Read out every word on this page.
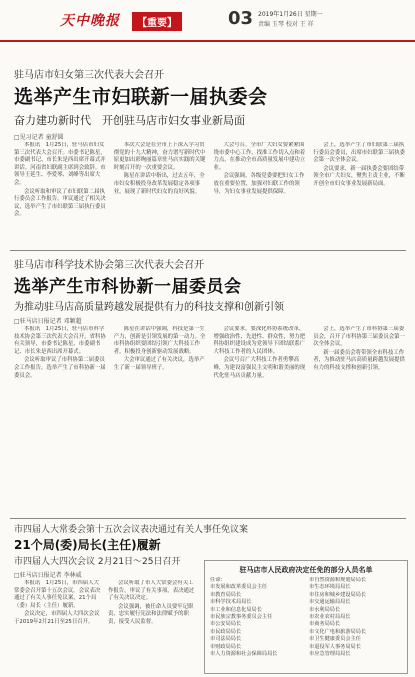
天中晚报	【重要】	03 2019年1月26日 星期一
责编 玉琴 校对 王 祥
驻马店市妇女第三次代表大会召开
选举产生市妇联新一届执委会
奋力建功新时代　开创驻马店市妇女事业新局面
□见习记者 童舒圆

本报讯　1月25日，驻马店市妇女第三次代表大会召开。市委书记陈星，市委副书记、市长朱是西出席开幕式并讲话。河南省妇联副主席到会致辞。市领导王延生、李爱琴、刘峰等出席大会。

会议听取和审议了市妇联第二届执行委员会工作报告，审议通过了相关决议，选举产生了市妇联第三届执行委员会。

本次大会是在全市上下深入学习贯彻党的十九大精神，奋力谱写新时代中原更加出彩绚丽篇章驻马店实践的关键时刻召开的一次重要会议。

陈星在讲话中指出，过去五年，全市妇女积极投身改革发展稳定各项事业，展现了新时代妇女的良好风貌。

大会号召，全市广大妇女要紧紧围绕市委中心工作，找准工作切入点和着力点，在推动全市高质量发展中建功立业。

会议强调，各级党委要把妇女工作放在重要位置，加强对妇联工作的领导，为妇女事业发展提供保障。

会上，选举产生了市妇联第三届执行委员会委员，出席市妇联第三届执委会第一次全体会议。

会议要求，新一届执委会要团结带领全市广大妇女，聚焦主责主业，不断开创全市妇女事业发展新局面。

驻马店市科学技术协会第三次代表大会召开
选举产生市科协新一届委员会
为推动驻马店高质量跨越发展提供有力的科技支撑和创新引领
□驻马店日报记者 邓颖超

本报讯　1月25日，驻马店市科学技术协会第三次代表大会召开。省科协有关领导，市委书记陈星，市委副书记、市长朱是西出席开幕式。

会议听取审议了市科协第二届委员会工作报告，选举产生了市科协新一届委员会。

陈星在讲话中强调，科技是第一生产力，创新是引领发展的第一动力。全市科协组织要团结引领广大科技工作者，积极投身创新驱动发展战略。

大会审议通过了有关决议，选举产生了新一届领导班子。

会议要求，要深化科协系统改革，增强政治性、先进性、群众性，努力把科协组织建设成为党领导下团结联系广大科技工作者的人民团体。

会议号召广大科技工作者勇攀高峰，为建设富强民主文明和谐美丽的现代化驻马店贡献力量。

会上，选举产生了市科协第三届委员会，召开了市科协第三届委员会第一次全体会议。

新一届委员会将带领全市科技工作者，为推动驻马店高质量跨越发展提供有力的科技支撑和创新引领。

市四届人大常委会第十五次会议表决通过有关人事任免议案
21个局(委)局长(主任)履新
市四届人大四次会议 2月21日～25日召开
□驻马店日报记者 李林威

本报讯　1月25日，市四届人大常委会召开第十五次会议。会议表决通过了有关人事任免议案，21个局（委）局长（主任）履新。

会议决定，市四届人大四次会议于2019年2月21日至25日召开。

会议听取了市人大常委会有关工作报告，审议了有关事项，表决通过了有关决议决定。

会议强调，被任命人员要牢记职责，忠实履行宪法和法律赋予的职责，接受人民监督。

驻马店市人民政府决定任免的部分人员名单
任命：
市发展和改革委员会主任
市教育局局长
市科学技术局局长
市工业和信息化局局长
市民族宗教事务委员会主任
市公安局局长
市民政局局长
市司法局局长
市财政局局长
市人力资源和社会保障局局长
市自然资源和规划局局长
市生态环境局局长
市住房和城乡建设局局长
市交通运输局局长
市水利局局长
市农业农村局局长
市商务局局长
市文化广电和旅游局局长
市卫生健康委员会主任
市退役军人事务局局长
市应急管理局局长
